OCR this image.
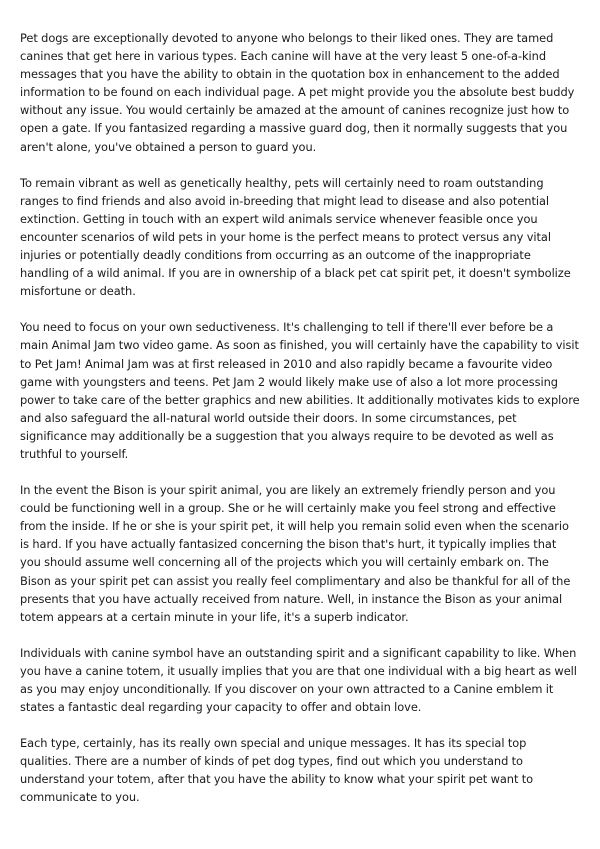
Pet dogs are exceptionally devoted to anyone who belongs to their liked ones. They are tamed canines that get here in various types. Each canine will have at the very least 5 one-of-a-kind messages that you have the ability to obtain in the quotation box in enhancement to the added information to be found on each individual page. A pet might provide you the absolute best buddy without any issue. You would certainly be amazed at the amount of canines recognize just how to open a gate. If you fantasized regarding a massive guard dog, then it normally suggests that you aren't alone, you've obtained a person to guard you.

To remain vibrant as well as genetically healthy, pets will certainly need to roam outstanding ranges to find friends and also avoid in-breeding that might lead to disease and also potential extinction. Getting in touch with an expert wild animals service whenever feasible once you encounter scenarios of wild pets in your home is the perfect means to protect versus any vital injuries or potentially deadly conditions from occurring as an outcome of the inappropriate handling of a wild animal. If you are in ownership of a black pet cat spirit pet, it doesn't symbolize misfortune or death.

You need to focus on your own seductiveness. It's challenging to tell if there'll ever before be a main Animal Jam two video game. As soon as finished, you will certainly have the capability to visit to Pet Jam! Animal Jam was at first released in 2010 and also rapidly became a favourite video game with youngsters and teens. Pet Jam 2 would likely make use of also a lot more processing power to take care of the better graphics and new abilities. It additionally motivates kids to explore and also safeguard the all-natural world outside their doors. In some circumstances, pet significance may additionally be a suggestion that you always require to be devoted as well as truthful to yourself.

In the event the Bison is your spirit animal, you are likely an extremely friendly person and you could be functioning well in a group. She or he will certainly make you feel strong and effective from the inside. If he or she is your spirit pet, it will help you remain solid even when the scenario is hard. If you have actually fantasized concerning the bison that's hurt, it typically implies that you should assume well concerning all of the projects which you will certainly embark on. The Bison as your spirit pet can assist you really feel complimentary and also be thankful for all of the presents that you have actually received from nature. Well, in instance the Bison as your animal totem appears at a certain minute in your life, it's a superb indicator.

Individuals with canine symbol have an outstanding spirit and a significant capability to like. When you have a canine totem, it usually implies that you are that one individual with a big heart as well as you may enjoy unconditionally. If you discover on your own attracted to a Canine emblem it states a fantastic deal regarding your capacity to offer and obtain love.

Each type, certainly, has its really own special and unique messages. It has its special top qualities. There are a number of kinds of pet dog types, find out which you understand to understand your totem, after that you have the ability to know what your spirit pet want to communicate to you.
